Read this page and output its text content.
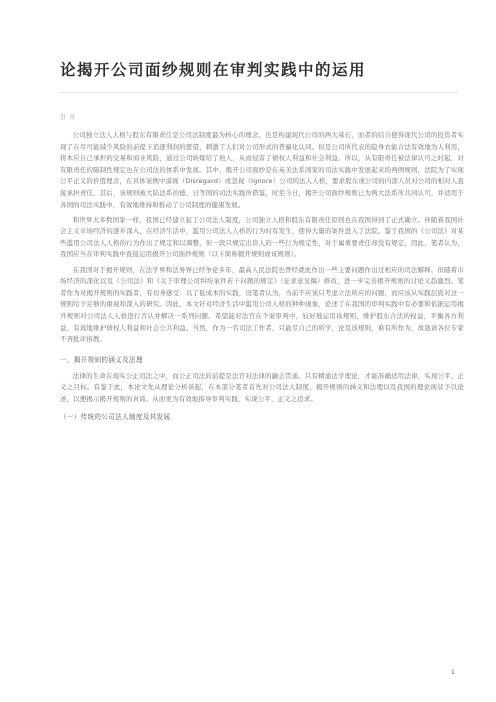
论揭开公司面纱规则在审判实践中的运用
引言

公司独立法人人格与股东有限责任是公司法制度最为核心的理念，也是构建现代公司的两大基石，而者的结合使得现代公司的投资者实现了在尽可能减少风险的前提下追逐利润的愿望，刺激了人们对公司形式的普遍化认同。但是公司所代表的隐身衣能合法有效地为人利用，将本应自己承担的交易和商业风险，通过公司转嫁给了他人，从而侵害了债权人利益和社会利益。所以，从有限责任被法律认可之时起，对有限责任的限制性规定也在公司法的体系中发展。其中，揭开公司面纱是在英美法系国家的司法实践中发展起来的判例规则，法院为了实现公平正义的价值理念，在具体案例中漠视（Disregard）或忽视（Ignore）公司的法人人格，要求股东或公司的内部人员对公司的相对人直接承担责任。其后，该规则被大陆法系的德、日等国的司法实践所借鉴，时至今日，揭开公司面纱规则已为两大法系所共同认可，并适用于各国的司法实践中，有效地维持和推动了公司制度的健康发展。

和世界大多数国家一样，我国已经建立起了公司法人制度，公司独立人格和股东有限责任原则也在我国得到了正式确立。伴随着我国社会主义市场经济的逐步深入，在经济生活中，滥用公司法人人格的行为时有发生，使得大量的案件进入了法院。鉴于我国的《公司法》对某些滥用公司法人人格的行为作出了规定和以调整，但一段只规定出资人的一些行为规定性，对于属重要责任却没有规定，因此，笔者认为，我国应当在审判实践中直接运用揭开公司面纱规则（以下简称揭开规则或该规则）。

在我国对于揭开规则，在法学界和法务界已经争论多年，最高人民法院也曾经就此作出一些主要问题作出过相应的司法解释。但随着市场经济的深化以及《公司法》和《关于审理公司纠纷案件若干问题的规定》（征求意见稿）修改，进一步完善揭开规则的讨论又趋激烈。笔者作为对揭开规则的实践者，有切身感受：以了低成本的实践，设笔者认为，当前不应该只考虑立法所应的问题，而应该从实践层面对这一规则给予足够的重视和深入的研究。因此，本文针对经济生活中滥用公司人格的种种现象，论述了在我国的审判实践中有必要和依据运用揭开规则对公司法人人格进行否认并解决一系列问题。希望能对法官在个案审判中，较好地运用该规则，维护股东合法的权益，平衡各方利益，有效地维护债权人利益和社会公共利益。当然，作为一名司法工作者，只能尽自己的所学，论及该规则，难有所作为，故恳请各位专家不吝批评指教。

一、揭开规则的涵义及法理

法律的生命在现实公正司法之中，而公正司法的前提是法官对法律的融会贯通。只有精通法学理论，才能准确适用法律，实现公平、正义之目标。有鉴于此，本论文先从理论分析谈起，在本部分笔者首先对公司法人制度，揭开规则的涵义和法理以及我国的理论现状予以论述，以便揭示揭开规则的真谛。从而更为有效地指导审判实践，实现公平、正义之追求。

（一）传统的公司法人制度及其发展
1
